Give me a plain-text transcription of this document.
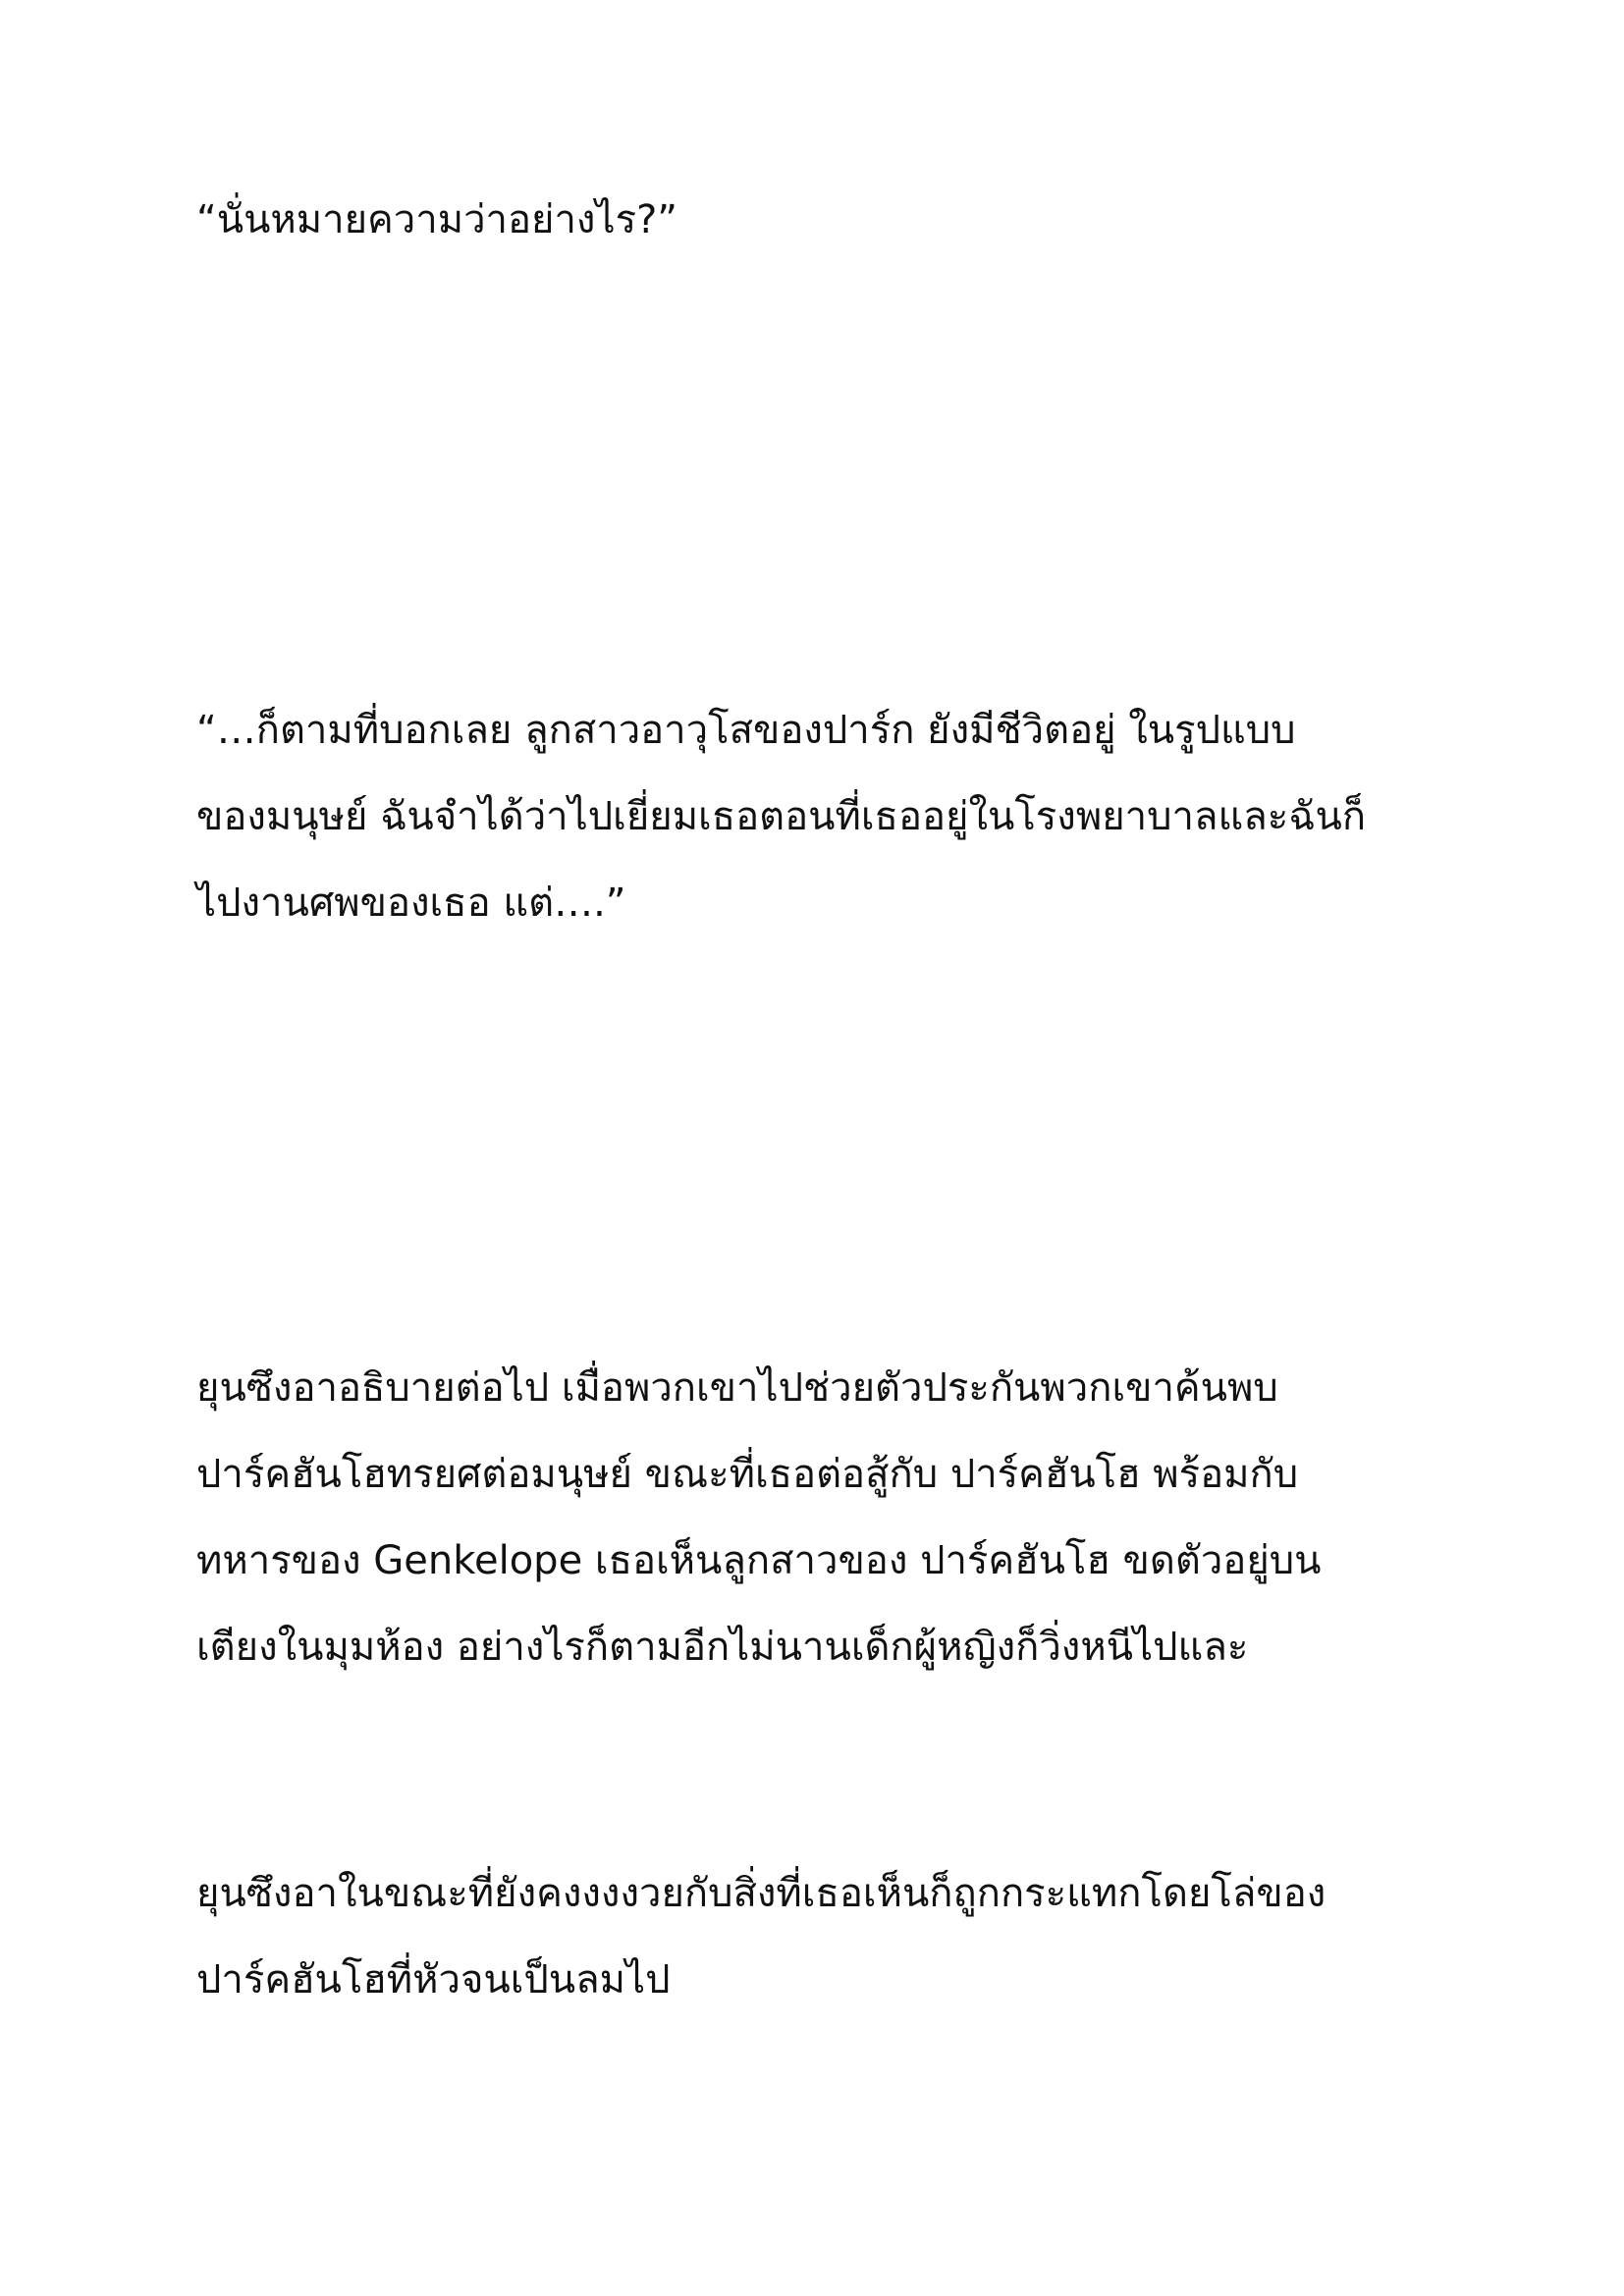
“นั่นหมายความว่าอย่างไร?”

“…ก็ตามที่บอกเลย ลูกสาวอาวุโสของปาร์ก ยังมีชีวิตอยู่ ในรูปแบบ
ของมนุษย์ ฉันจำได้ว่าไปเยี่ยมเธอตอนที่เธออยู่ในโรงพยาบาลและฉันก็
ไปงานศพของเธอ แต่….”

ยุนซึงอาอธิบายต่อไป เมื่อพวกเขาไปช่วยตัวประกันพวกเขาค้นพบ
ปาร์คฮันโฮทรยศต่อมนุษย์ ขณะที่เธอต่อสู้กับ ปาร์คฮันโฮ พร้อมกับ
ทหารของ Genkelope เธอเห็นลูกสาวของ ปาร์คฮันโฮ ขดตัวอยู่บน
เตียงในมุมห้อง อย่างไรก็ตามอีกไม่นานเด็กผู้หญิงก็วิ่งหนีไปและ

ยุนซึงอาในขณะที่ยังคงงงงวยกับสิ่งที่เธอเห็นก็ถูกกระแทกโดยโล่ของ
ปาร์คฮันโฮที่หัวจนเป็นลมไป
